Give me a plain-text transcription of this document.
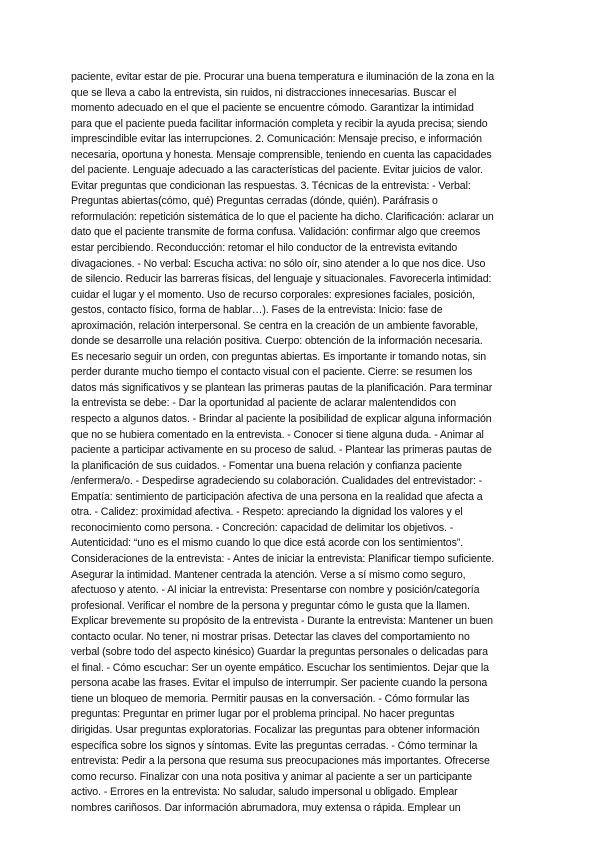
paciente, evitar estar de pie. Procurar una buena temperatura e iluminación de la zona en la
que se lleva a cabo la entrevista, sin ruidos, ni distracciones innecesarias. Buscar el
momento adecuado en el que el paciente se encuentre cómodo. Garantizar la intimidad
para que el paciente pueda facilitar información completa y recibir la ayuda precisa; siendo
imprescindible evitar las interrupciones. 2. Comunicación: Mensaje preciso, e información
necesaria, oportuna y honesta. Mensaje comprensible, teniendo en cuenta las capacidades
del paciente. Lenguaje adecuado a las características del paciente. Evitar juicios de valor.
Evitar preguntas que condicionan las respuestas. 3. Técnicas de la entrevista: - Verbal:
Preguntas abiertas(cómo, qué) Preguntas cerradas (dónde, quién). Paráfrasis o
reformulación: repetición sistemática de lo que el paciente ha dicho. Clarificación: aclarar un
dato que el paciente transmite de forma confusa. Validación: confirmar algo que creemos
estar percibiendo. Reconducción: retomar el hilo conductor de la entrevista evitando
divagaciones. - No verbal: Escucha activa: no sólo oír, sino atender a lo que nos dice. Uso
de silencio. Reducir las barreras físicas, del lenguaje y situacionales. Favorecerla intimidad:
cuidar el lugar y el momento. Uso de recurso corporales: expresiones faciales, posición,
gestos, contacto físico, forma de hablar…). Fases de la entrevista: Inicio: fase de
aproximación, relación interpersonal. Se centra en la creación de un ambiente favorable,
donde se desarrolle una relación positiva. Cuerpo: obtención de la información necesaria.
Es necesario seguir un orden, con preguntas abiertas. Es importante ir tomando notas, sin
perder durante mucho tiempo el contacto visual con el paciente. Cierre: se resumen los
datos más significativos y se plantean las primeras pautas de la planificación. Para terminar
la entrevista se debe: - Dar la oportunidad al paciente de aclarar malentendidos con
respecto a algunos datos. - Brindar al paciente la posibilidad de explicar alguna información
que no se hubiera comentado en la entrevista. - Conocer si tiene alguna duda. - Animar al
paciente a participar activamente en su proceso de salud. - Plantear las primeras pautas de
la planificación de sus cuidados. - Fomentar una buena relación y confianza paciente
/enfermera/o. - Despedirse agradeciendo su colaboración. Cualidades del entrevistador: -
Empatía: sentimiento de participación afectiva de una persona en la realidad que afecta a
otra. - Calidez: proximidad afectiva. - Respeto: apreciando la dignidad los valores y el
reconocimiento como persona. - Concreción: capacidad de delimitar los objetivos. -
Autenticidad: “uno es el mismo cuando lo que dice está acorde con los sentimientos”.
Consideraciones de la entrevista: - Antes de iniciar la entrevista: Planificar tiempo suficiente.
Asegurar la intimidad. Mantener centrada la atención. Verse a sí mismo como seguro,
afectuoso y atento. - Al iniciar la entrevista: Presentarse con nombre y posición/categoría
profesional. Verificar el nombre de la persona y preguntar cómo le gusta que la llamen.
Explicar brevemente su propósito de la entrevista - Durante la entrevista: Mantener un buen
contacto ocular. No tener, ni mostrar prisas. Detectar las claves del comportamiento no
verbal (sobre todo del aspecto kinésico) Guardar la preguntas personales o delicadas para
el final. - Cómo escuchar: Ser un oyente empático. Escuchar los sentimientos. Dejar que la
persona acabe las frases. Evitar el impulso de interrumpir. Ser paciente cuando la persona
tiene un bloqueo de memoria. Permitir pausas en la conversación. - Cómo formular las
preguntas: Preguntar en primer lugar por el problema principal. No hacer preguntas
dirigidas. Usar preguntas exploratorias. Focalizar las preguntas para obtener información
específica sobre los signos y síntomas. Evite las preguntas cerradas. - Cómo terminar la
entrevista: Pedir a la persona que resuma sus preocupaciones más importantes. Ofrecerse
como recurso. Finalizar con una nota positiva y animar al paciente a ser un participante
activo. - Errores en la entrevista: No saludar, saludo impersonal u obligado. Emplear
nombres cariñosos. Dar información abrumadora, muy extensa o rápida. Emplear un
